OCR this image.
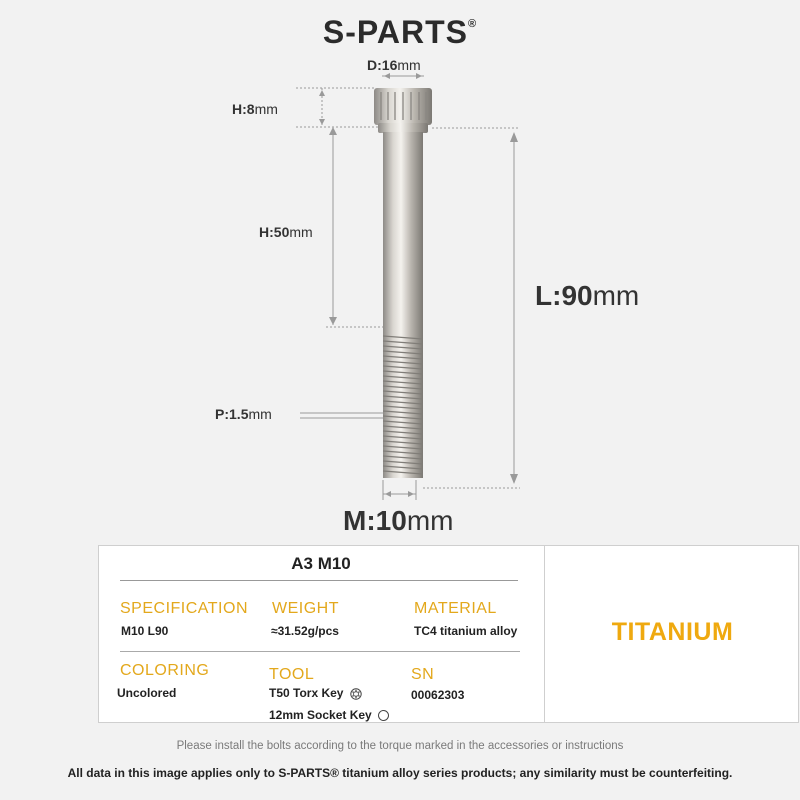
S-PARTS®
D:16mm
H:8mm
H:50mm
L:90mm
P:1.5mm
M:10mm
A3 M10
SPECIFICATION
M10 L90
WEIGHT
≈31.52g/pcs
MATERIAL
TC4 titanium alloy
COLORING
Uncolored
TOOL
T50 Torx Key
12mm Socket Key
SN
00062303
TITANIUM
Please install the bolts according to the torque marked in the accessories or instructions
All data in this image applies only to S-PARTS® titanium alloy series products; any similarity must be counterfeiting.
